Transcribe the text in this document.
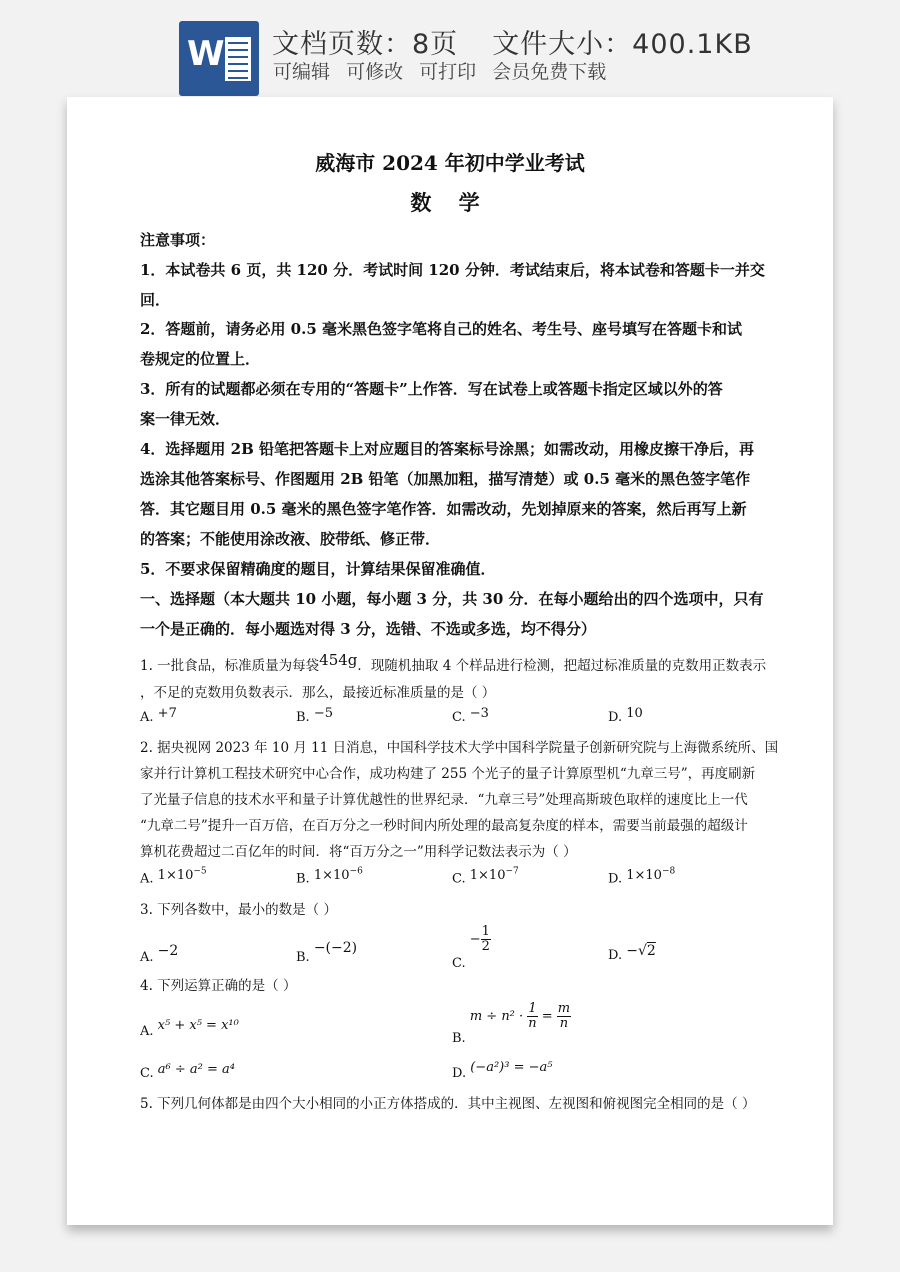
W 文档页数：8页 文件大小：400.1KB
可编辑 可修改 可打印 会员免费下载
威海市 2024 年初中学业考试
数 学
注意事项：
1．本试卷共 6 页，共 120 分．考试时间 120 分钟．考试结束后，将本试卷和答题卡一并交
回．
2．答题前，请务必用 0.5 毫米黑色签字笔将自己的姓名、考生号、座号填写在答题卡和试
卷规定的位置上．
3．所有的试题都必须在专用的“答题卡”上作答．写在试卷上或答题卡指定区域以外的答
案一律无效．
4．选择题用 2B 铅笔把答题卡上对应题目的答案标号涂黑；如需改动，用橡皮擦干净后，再
选涂其他答案标号、作图题用 2B 铅笔（加黑加粗，描写清楚）或 0.5 毫米的黑色签字笔作
答．其它题目用 0.5 毫米的黑色签字笔作答．如需改动，先划掉原来的答案，然后再写上新
的答案；不能使用涂改液、胶带纸、修正带．
5．不要求保留精确度的题目，计算结果保留准确值．
一、选择题（本大题共 10 小题，每小题 3 分，共 30 分．在每小题给出的四个选项中，只有
一个是正确的．每小题选对得 3 分，选错、不选或多选，均不得分）
1. 一批食品，标准质量为每袋454g．现随机抽取 4 个样品进行检测，把超过标准质量的克数用正数表示
，不足的克数用负数表示．那么，最接近标准质量的是（ ）
A. +7	B. −5	C. −3	D. 10
2. 据央视网 2023 年 10 月 11 日消息，中国科学技术大学中国科学院量子创新研究院与上海微系统所、国
家并行计算机工程技术研究中心合作，成功构建了 255 个光子的量子计算原型机“九章三号”，再度刷新
了光量子信息的技术水平和量子计算优越性的世界纪录．“九章三号”处理高斯玻色取样的速度比上一代
“九章二号”提升一百万倍，在百万分之一秒时间内所处理的最高复杂度的样本，需要当前最强的超级计
算机花费超过二百亿年的时间．将“百万分之一”用科学记数法表示为（ ）
A. $1\times 10^{-5}$	B. $1\times 10^{-6}$	C. $1\times 10^{-7}$	D. $1\times 10^{-8}$
3. 下列各数中，最小的数是（ ）
A. −2	B. −(−2)
C. − $\frac{1}{2}$
D. −√2
4. 下列运算正确的是（ ）
A. x⁵ + x⁵ = x¹⁰
B. $m \div n^2 \cdot \frac{1}{n} = \frac{m}{n}$
C. a⁶ ÷ a² = a⁴	D. (−a²)³ = −a⁵
5. 下列几何体都是由四个大小相同的小正方体搭成的．其中主视图、左视图和俯视图完全相同的是（ ）
